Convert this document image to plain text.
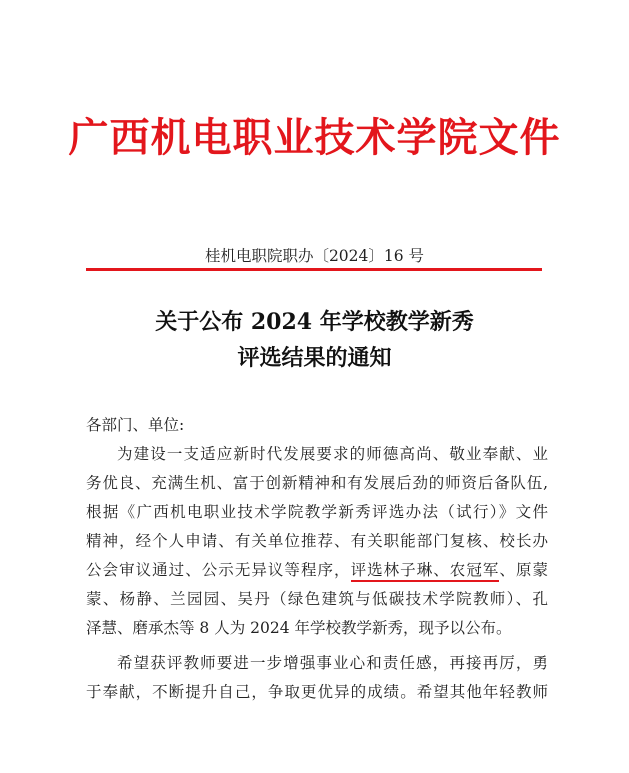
广西机电职业技术学院文件
桂机电职院职办〔2024〕16 号
关于公布 2024 年学校教学新秀
评选结果的通知
各部门、单位:
为建设一支适应新时代发展要求的师德高尚、敬业奉献、业
务优良、充满生机、富于创新精神和有发展后劲的师资后备队伍,
根据《广西机电职业技术学院教学新秀评选办法（试行）》文件
精神，经个人申请、有关单位推荐、有关职能部门复核、校长办
公会审议通过、公示无异议等程序，评选林子琳、农冠军、原蒙
蒙、杨静、兰园园、吴丹（绿色建筑与低碳技术学院教师）、孔
泽慧、磨承杰等 8 人为 2024 年学校教学新秀，现予以公布。
希望获评教师要进一步增强事业心和责任感，再接再厉，勇
于奉献，不断提升自己，争取更优异的成绩。希望其他年轻教师
